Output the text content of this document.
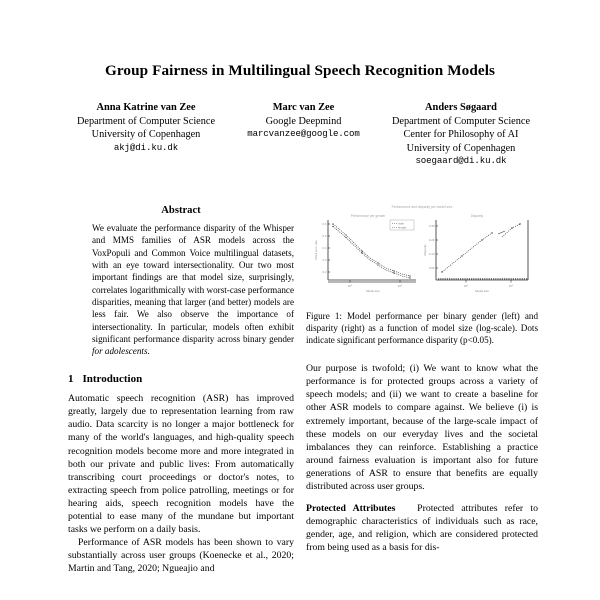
Group Fairness in Multilingual Speech Recognition Models
Anna Katrine van Zee
Department of Computer Science
University of Copenhagen
akj@di.ku.dk
Marc van Zee
Google Deepmind
marcvanzee@google.com
Anders Søgaard
Department of Computer Science
Center for Philosophy of AI
University of Copenhagen
soegaard@di.ku.dk
Abstract
We evaluate the performance disparity of the Whisper and MMS families of ASR models across the VoxPopuli and Common Voice multilingual datasets, with an eye toward intersectionality. Our two most important findings are that model size, surprisingly, correlates logarithmically with worst-case performance disparities, meaning that larger (and better) models are less fair. We also observe the importance of intersectionality. In particular, models often exhibit significant performance disparity across binary gender for adolescents.
1 Introduction

Automatic speech recognition (ASR) has improved greatly, largely due to representation learning from raw audio. Data scarcity is no longer a major bottleneck for many of the world's languages, and high-quality speech recognition models become more and more integrated in both our private and public lives: From automatically transcribing court proceedings or doctor's notes, to extracting speech from police patrolling, meetings or for hearing aids, speech recognition models have the potential to ease many of the mundane but important tasks we perform on a daily basis.

Performance of ASR models has been shown to vary substantially across user groups (Koenecke et al., 2020; Martin and Tang, 2020; Ngueajio and

Performance and disparity per model size
Performance per gender	Disparity
0.6
0.5
0.4
0.3
0.2
10⁸	10⁹
Model size
Word error rate
male
female	0.30
0.20
0.10
0.05
10⁸	10⁹
Model size
Disparity
Figure 1: Model performance per binary gender (left) and disparity (right) as a function of model size (log-scale). Dots indicate significant performance disparity (p<0.05).

Our purpose is twofold; (i) We want to know what the performance is for protected groups across a variety of speech models; and (ii) we want to create a baseline for other ASR models to compare against. We believe (i) is extremely important, because of the large-scale impact of these models on our everyday lives and the societal imbalances they can reinforce. Establishing a practice around fairness evaluation is important also for future generations of ASR to ensure that benefits are equally distributed across user groups.

Protected Attributes Protected attributes refer to demographic characteristics of individuals such as race, gender, age, and religion, which are considered protected from being used as a basis for dis-
